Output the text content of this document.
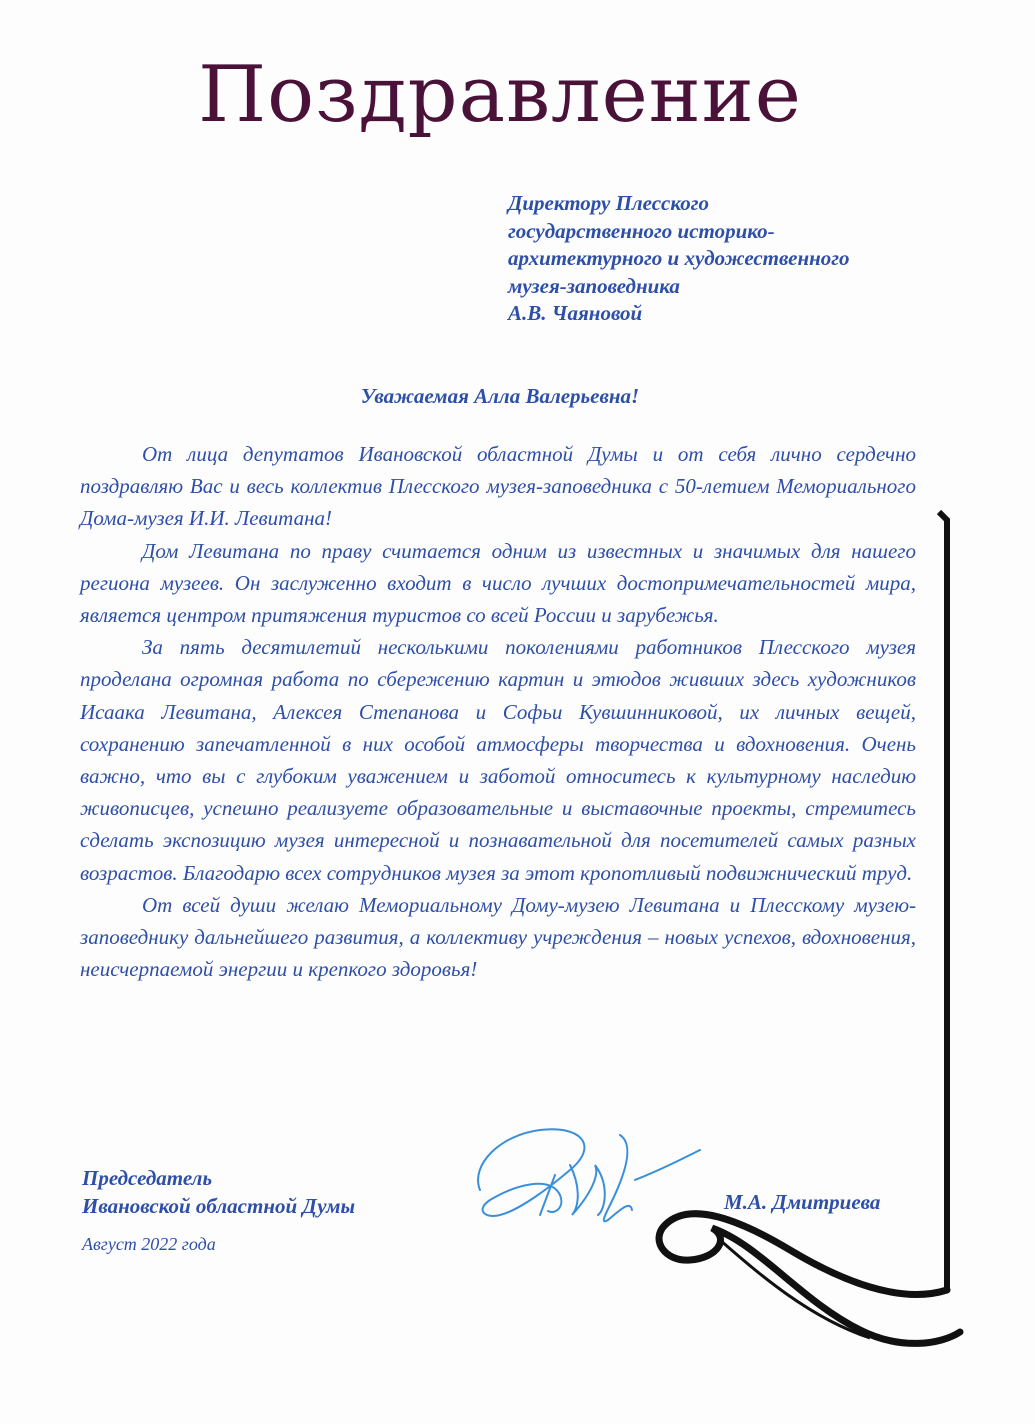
Поздравление
Директору Плесского
государственного историко-
архитектурного и художественного
музея-заповедника
А.В. Чаяновой
Уважаемая Алла Валерьевна!

От лица депутатов Ивановской областной Думы и от себя лично сердечно поздравляю Вас и весь коллектив Плесского музея-заповедника с 50-летием Мемориального Дома-музея И.И. Левитана!

Дом Левитана по праву считается одним из известных и значимых для нашего региона музеев. Он заслуженно входит в число лучших достопримечательностей мира, является центром притяжения туристов со всей России и зарубежья.

За пять десятилетий несколькими поколениями работников Плесского музея проделана огромная работа по сбережению картин и этюдов живших здесь художников Исаака Левитана, Алексея Степанова и Софьи Кувшинниковой, их личных вещей, сохранению запечатленной в них особой атмосферы творчества и вдохновения. Очень важно, что вы с глубоким уважением и заботой относитесь к культурному наследию живописцев, успешно реализуете образовательные и выставочные проекты, стремитесь сделать экспозицию музея интересной и познавательной для посетителей самых разных возрастов. Благодарю всех сотрудников музея за этот кропотливый подвижнический труд.

От всей души желаю Мемориальному Дому-музею Левитана и Плесскому музею-заповеднику дальнейшего развития, а коллективу учреждения – новых успехов, вдохновения, неисчерпаемой энергии и крепкого здоровья!

Председатель
Ивановской областной Думы	М.А. Дмитриева
Август 2022 года
